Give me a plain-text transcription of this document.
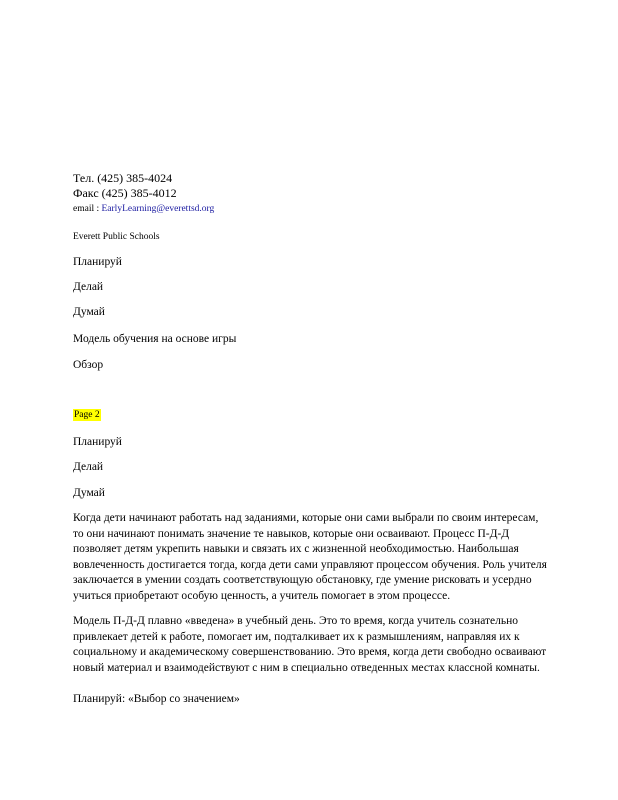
Тел. (425) 385-4024

Факс (425) 385-4012

email : EarlyLearning@everettsd.org

Everett Public Schools

Планируй

Делай

Думай

Модель обучения на основе игры

Обзор

Page 2

Планируй

Делай

Думай

Когда дети начинают работать над заданиями, которые они сами выбрали по своим интересам, то они начинают понимать значение те навыков, которые они осваивают. Процесс П-Д-Д позволяет детям укрепить навыки и связать их с жизненной необходимостью. Наибольшая вовлеченность достигается тогда, когда дети сами управляют процессом обучения. Роль учителя заключается в умении создать соответствующую обстановку, где умение рисковать и усердно учиться приобретают особую ценность, а учитель помогает в этом процессе.

Модель П-Д-Д плавно «введена» в учебный день. Это то время, когда учитель сознательно привлекает детей к работе, помогает им, подталкивает их к размышлениям, направляя их к социальному и академическому совершенствованию. Это время, когда дети свободно осваивают новый материал и взаимодействуют с ним в специально отведенных местах классной комнаты.

Планируй: «Выбор со значением»
